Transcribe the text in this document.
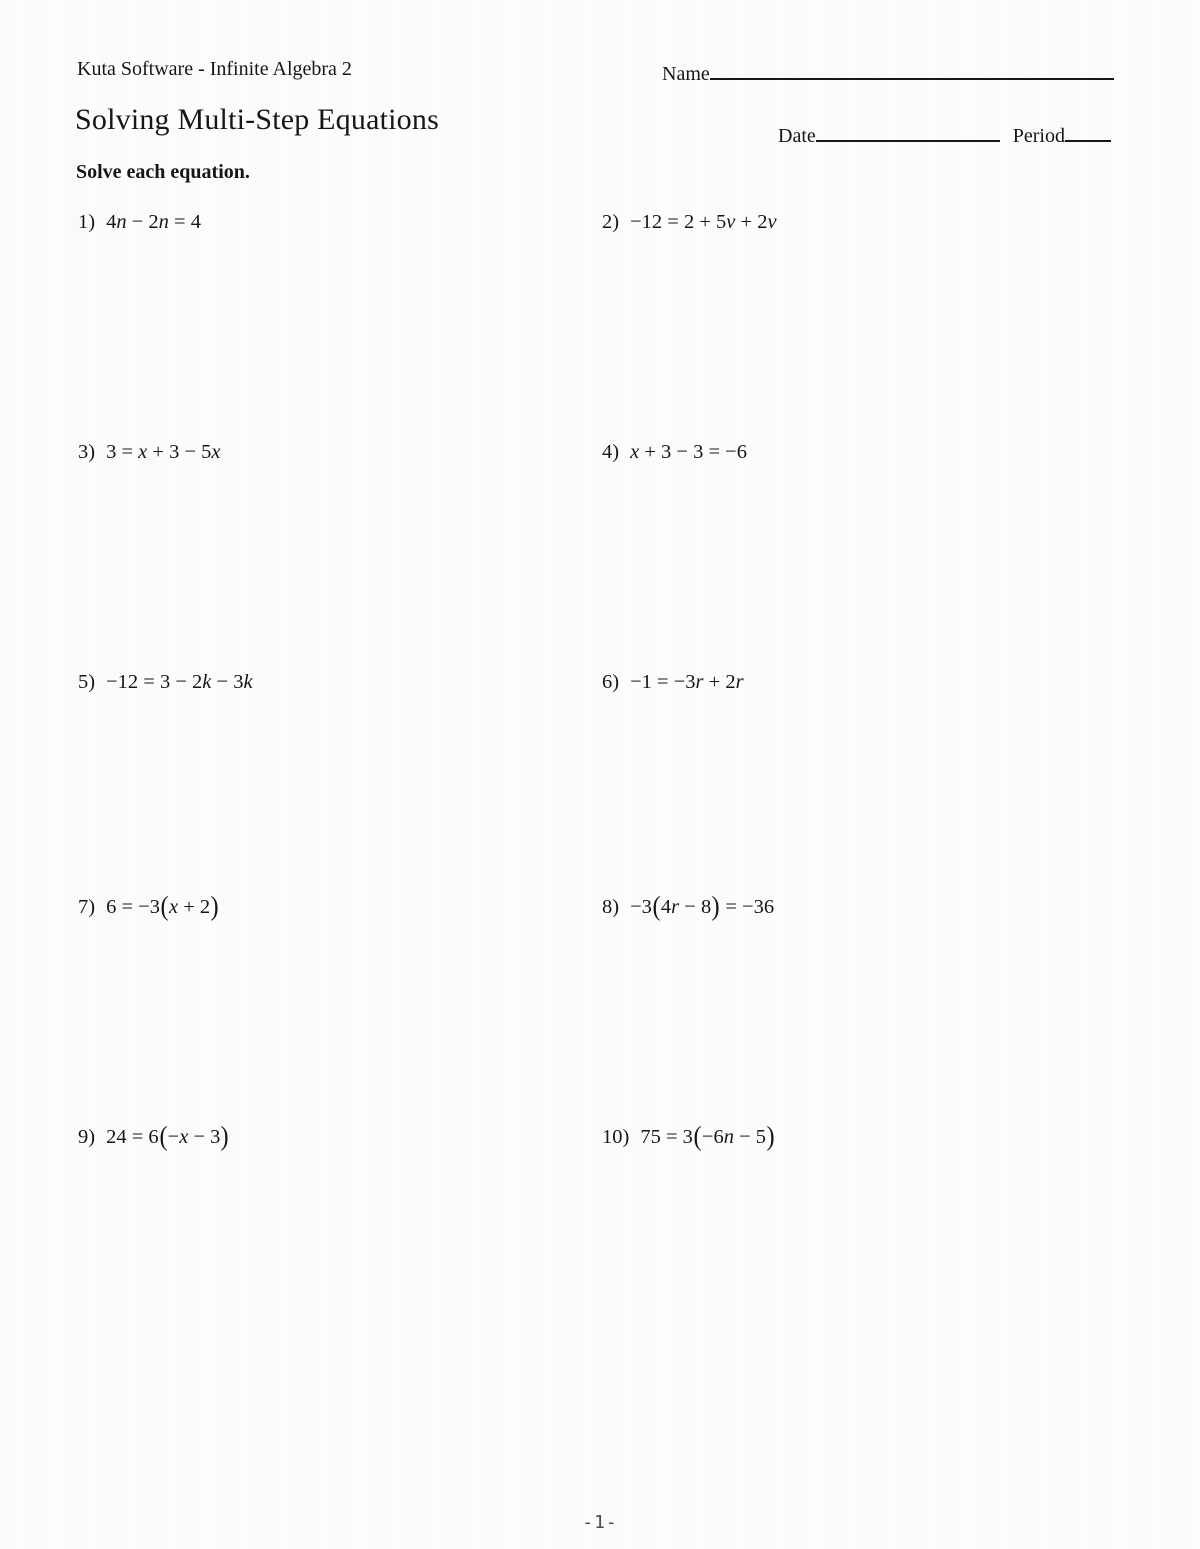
Kuta Software - Infinite Algebra 2	Name
Solving Multi-Step Equations	Date	Period
Solve each equation.
1) 4n − 2n = 4	2) −12 = 2 + 5v + 2v
3) 3 = x + 3 − 5x	4) x + 3 − 3 = −6
5) −12 = 3 − 2k − 3k	6) −1 = −3r + 2r
7) 6 = −3(x + 2)	8) −3(4r − 8) = −36
9) 24 = 6(−x − 3)	10) 75 = 3(−6n − 5)
-1-
